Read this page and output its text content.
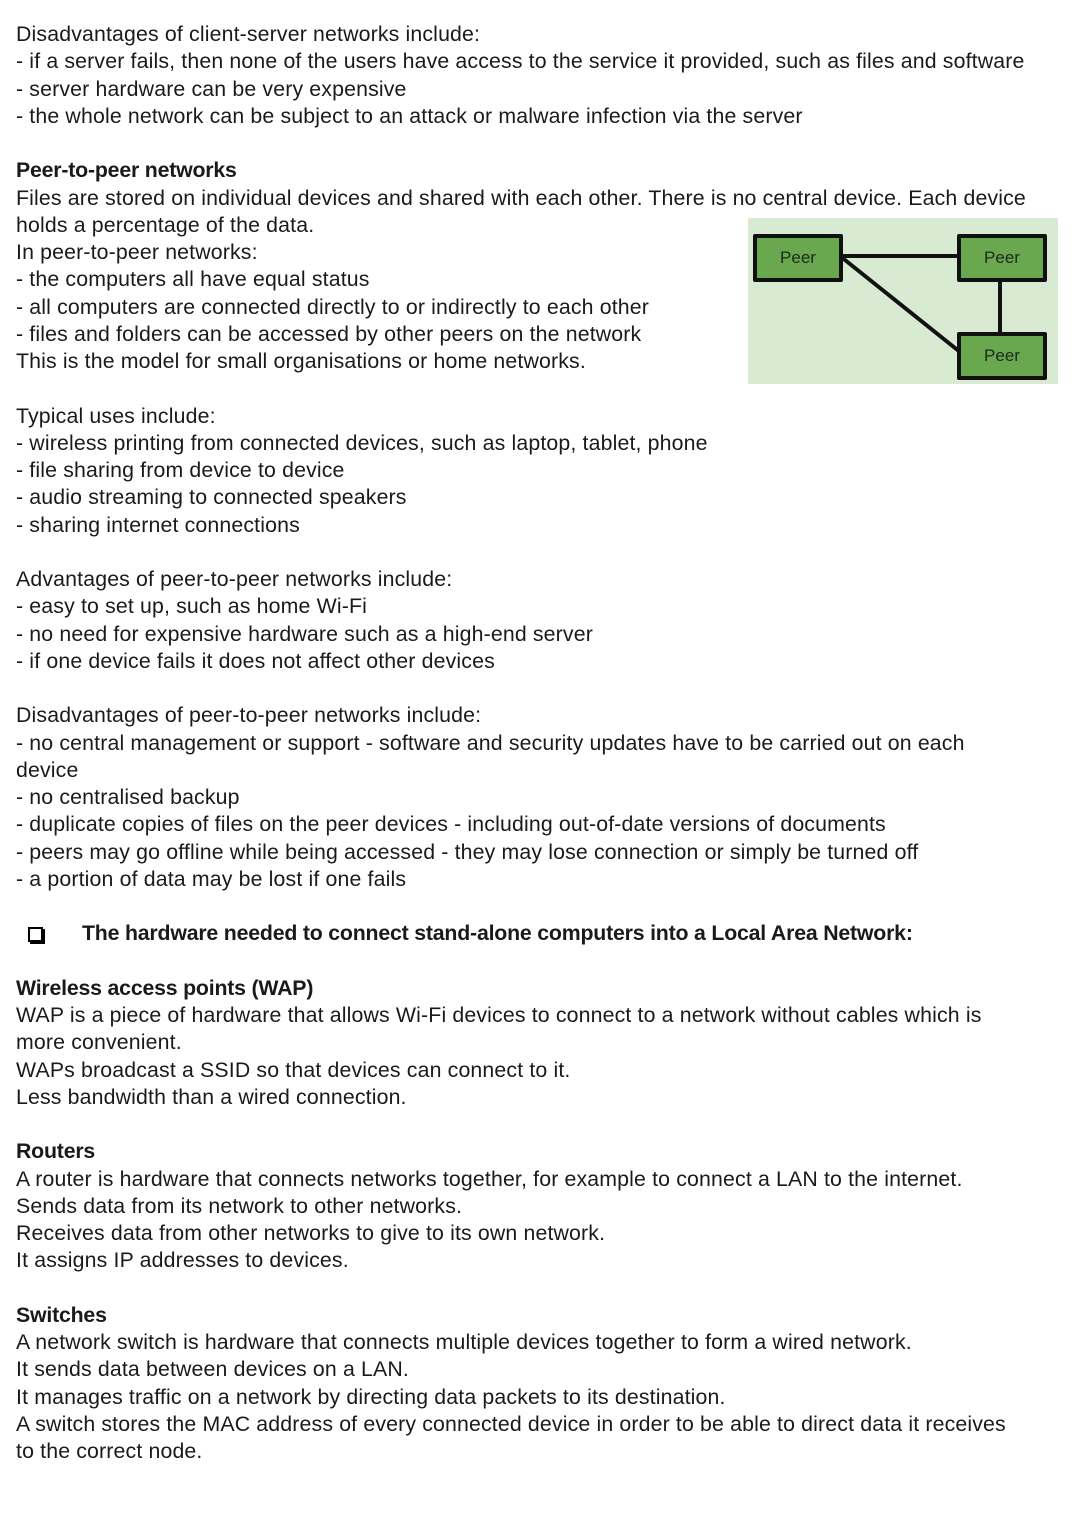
Disadvantages of client-server networks include:
- if a server fails, then none of the users have access to the service it provided, such as files and software
- server hardware can be very expensive
- the whole network can be subject to an attack or malware infection via the server
Peer-to-peer networks
Files are stored on individual devices and shared with each other. There is no central device. Each device
holds a percentage of the data.
In peer-to-peer networks:
- the computers all have equal status
- all computers are connected directly to or indirectly to each other
- files and folders can be accessed by other peers on the network
This is the model for small organisations or home networks.
Typical uses include:
- wireless printing from connected devices, such as laptop, tablet, phone
- file sharing from device to device
- audio streaming to connected speakers
- sharing internet connections
Advantages of peer-to-peer networks include:
- easy to set up, such as home Wi-Fi
- no need for expensive hardware such as a high-end server
- if one device fails it does not affect other devices
Disadvantages of peer-to-peer networks include:
- no central management or support - software and security updates have to be carried out on each
device
- no centralised backup
- duplicate copies of files on the peer devices - including out-of-date versions of documents
- peers may go offline while being accessed - they may lose connection or simply be turned off
- a portion of data may be lost if one fails
The hardware needed to connect stand-alone computers into a Local Area Network:
Wireless access points (WAP)
WAP is a piece of hardware that allows Wi-Fi devices to connect to a network without cables which is
more convenient.
WAPs broadcast a SSID so that devices can connect to it.
Less bandwidth than a wired connection.
Routers
A router is hardware that connects networks together, for example to connect a LAN to the internet.
Sends data from its network to other networks.
Receives data from other networks to give to its own network.
It assigns IP addresses to devices.
Switches
A network switch is hardware that connects multiple devices together to form a wired network.
It sends data between devices on a LAN.
It manages traffic on a network by directing data packets to its destination.
A switch stores the MAC address of every connected device in order to be able to direct data it receives
to the correct node.
Peer	Peer
Peer
